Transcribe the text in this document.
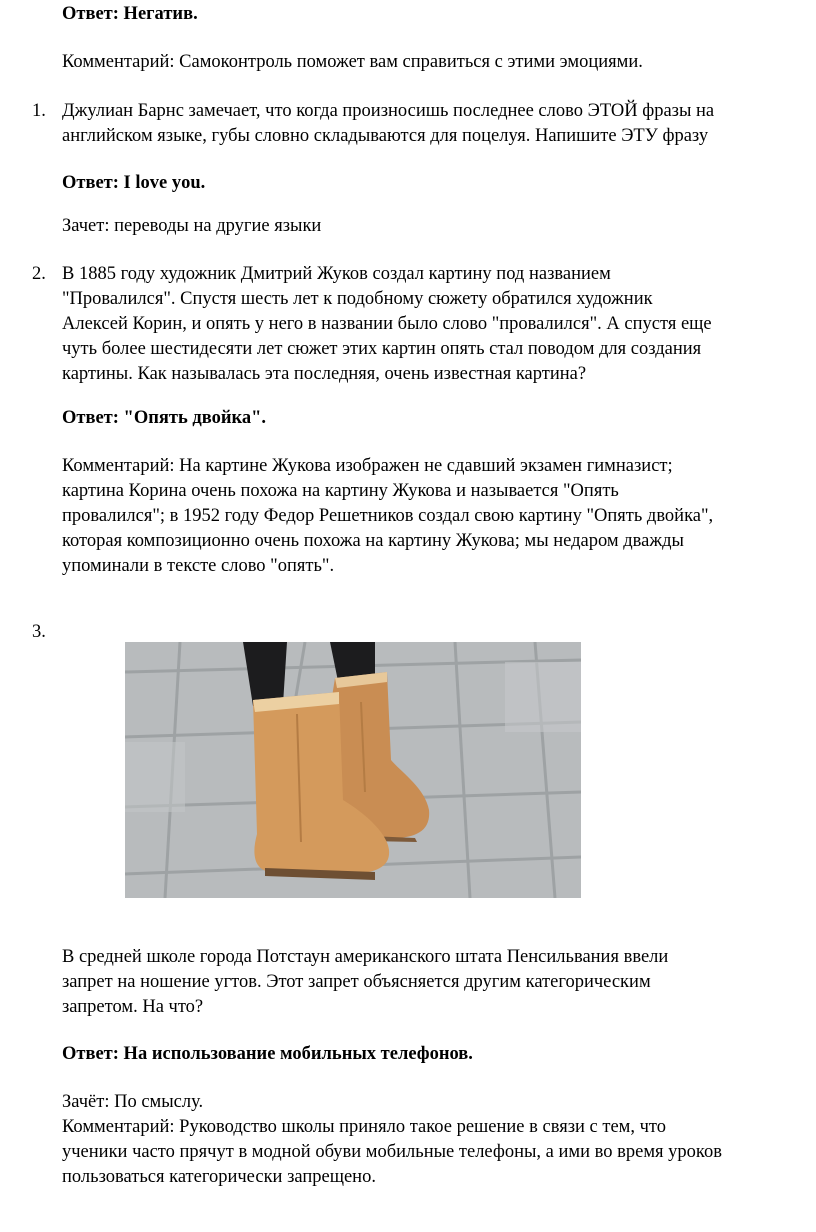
Ответ: Негатив.
Комментарий: Самоконтроль поможет вам справиться с этими эмоциями.
1. Джулиан Барнс замечает, что когда произносишь последнее слово ЭТОЙ фразы на
английском языке, губы словно складываются для поцелуя. Напишите ЭТУ фразу
Ответ: I love you.
Зачет: переводы на другие языки
2. В 1885 году художник Дмитрий Жуков создал картину под названием
"Провалился". Спустя шесть лет к подобному сюжету обратился художник
Алексей Корин, и опять у него в названии было слово "провалился". А спустя еще
чуть более шестидесяти лет сюжет этих картин опять стал поводом для создания
картины. Как называлась эта последняя, очень известная картина?
Ответ: "Опять двойка".
Комментарий: На картине Жукова изображен не сдавший экзамен гимназист;
картина Корина очень похожа на картину Жукова и называется "Опять
провалился"; в 1952 году Федор Решетников создал свою картину "Опять двойка",
которая композиционно очень похожа на картину Жукова; мы недаром дважды
упоминали в тексте слово "опять".
3.
В средней школе города Потстаун американского штата Пенсильвания ввели
запрет на ношение угтов. Этот запрет объясняется другим категорическим
запретом. На что?
Ответ: На использование мобильных телефонов.
Зачёт: По смыслу.
Комментарий: Руководство школы приняло такое решение в связи с тем, что
ученики часто прячут в модной обуви мобильные телефоны, а ими во время уроков
пользоваться категорически запрещено.
